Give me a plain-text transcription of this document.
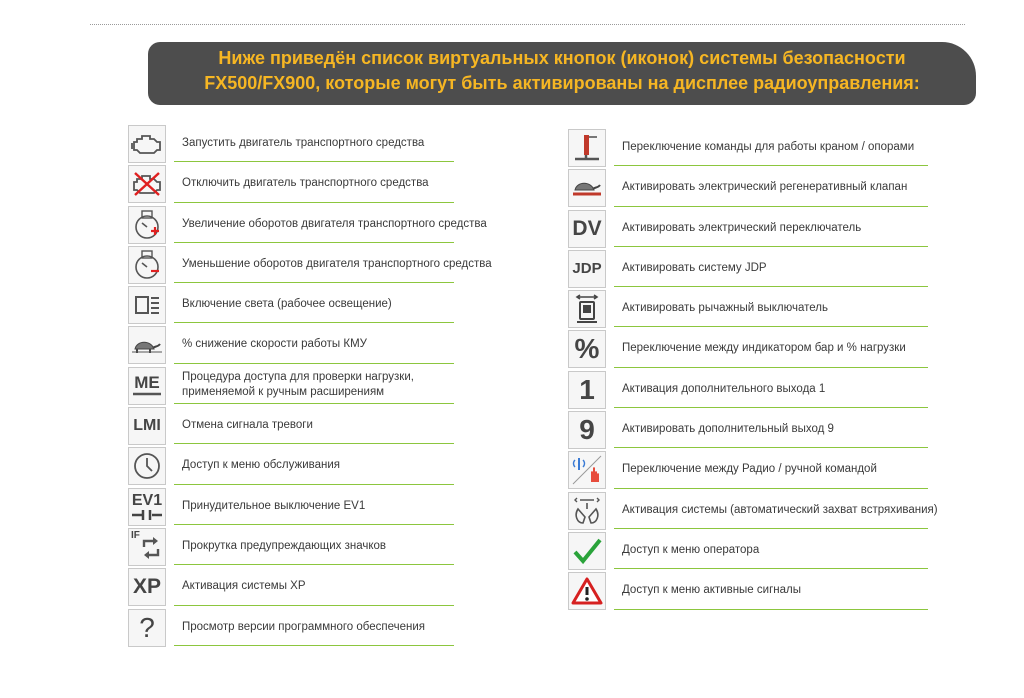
Ниже приведён список виртуальных кнопок (иконок) системы безопасности
FX500/FX900, которые могут быть активированы на дисплее радиоуправления:
Запустить двигатель транспортного средства
Отключить двигатель транспортного средства
Увеличение оборотов двигателя транспортного средства
Уменьшение оборотов двигателя транспортного средства
Включение света (рабочее освещение)
% снижение скорости работы КМУ
ME Процедура доступа для проверки нагрузки,
применяемой к ручным расширениям
LMI	Отмена сигнала тревоги
Доступ к меню обслуживания
EV1 Принудительное выключение EV1
IF
Прокрутка предупреждающих значков
XP	Активация системы XP
?	Просмотр версии программного обеспечения
Переключение команды для работы краном / опорами
Активировать электрический регенеративный клапан
DV	Активировать электрический переключатель
JDP	Активировать систему JDP
Активировать рычажный выключатель
%	Переключение между индикатором бар и % нагрузки
1	Активация дополнительного выхода 1
9	Активировать дополнительный выход 9
Переключение между Радио / ручной командой
Активация системы (автоматический захват встряхивания)
Доступ к меню оператора
Доступ к меню активные сигналы
